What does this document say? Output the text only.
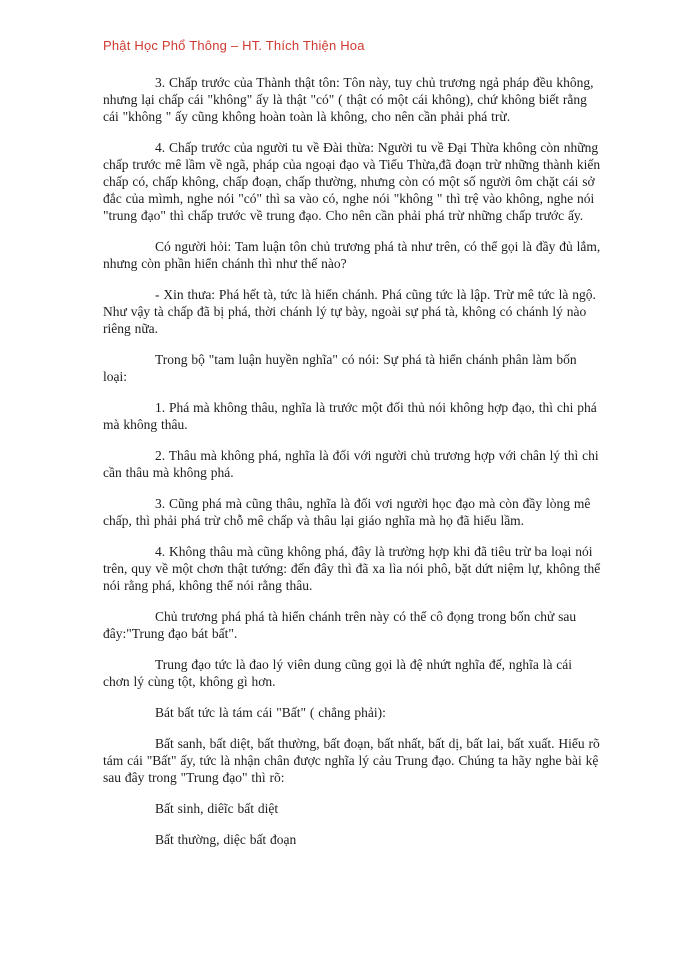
Phật Học Phổ Thông – HT. Thích Thiện Hoa

3. Chấp trước của Thành thật tôn: Tôn này, tuy chủ trương ngả pháp đều không, nhưng lại chấp cái "không" ấy là thật "có" ( thật có một cái không), chứ không biết rằng cái "không " ấy cũng không hoàn toàn là không, cho nên cần phải phá trừ.

4. Chấp trước của người tu về Đài thừa: Người tu về Đại Thừa không còn những chấp trước mê lầm về ngã, pháp của ngoại đạo và Tiểu Thừa,đã đoạn trừ những thành kiến chấp có, chấp không, chấp đoạn, chấp thường, nhưng còn có một số người ôm chặt cái sở đắc của mìmh, nghe nói "có" thì sa vào có, nghe nói "không " thì trệ vào không, nghe nói "trung đạo" thì chấp trước về trung đạo. Cho nên cần phải phá trừ những chấp trước ấy.

Có người hỏi: Tam luận tôn chủ trương phá tà như trên, có thể gọi là đầy đủ lắm, nhưng còn phần hiển chánh thì như thế nào?

- Xin thưa: Phá hết tà, tức là hiển chánh. Phá cũng tức là lập. Trừ mê tức là ngộ. Như vậy tà chấp đã bị phá, thời chánh lý tự bày, ngoài sự phá tà, không có chánh lý nào riêng nữa.

Trong bộ "tam luận huyền nghĩa" có nói: Sự phá tà hiển chánh phân làm bốn loại:

1. Phá mà không thâu, nghĩa là trước một đối thủ nói không hợp đạo, thì chi phá mà không thâu.

2. Thâu mà không phá, nghĩa là đối với người chủ trương hợp với chân lý thì chi cần thâu mà không phá.

3. Cũng phá mà cũng thâu, nghĩa là đối vơi người học đạo mà còn đầy lòng mê chấp, thì phải phá trừ chỗ mê chấp và thâu lại giáo nghĩa mà họ đã hiểu lầm.

4. Không thâu mà cũng không phá, đây là trường hợp khi đã tiêu trừ ba loại nói trên, quy về một chơn thật tướng: đến đây thì đã xa lìa nói phô, bặt dứt niệm lự, không thể nói rằng phá, không thể nói rằng thâu.

Chủ trương phá phá tà hiển chánh trên này có thể cô đọng trong bốn chử sau đây:"Trung đạo bát bất".

Trung đạo tức là đao lý viên dung cũng gọi là đệ nhứt nghĩa đế, nghĩa là cái chơn lý cùng tột, không gì hơn.

Bát bất tức là tám cái "Bất" ( chẳng phải):

Bất sanh, bất diệt, bất thường, bất đoạn, bất nhất, bất dị, bất lai, bất xuất. Hiểu rõ tám cái "Bất" ấy, tức là nhận chân được nghĩa lý cảu Trung đạo. Chúng ta hãy nghe bài kệ sau đây trong "Trung đạo" thì rõ:

Bất sinh, diêĩc bất diệt

Bất thường, diệc bất đoạn
